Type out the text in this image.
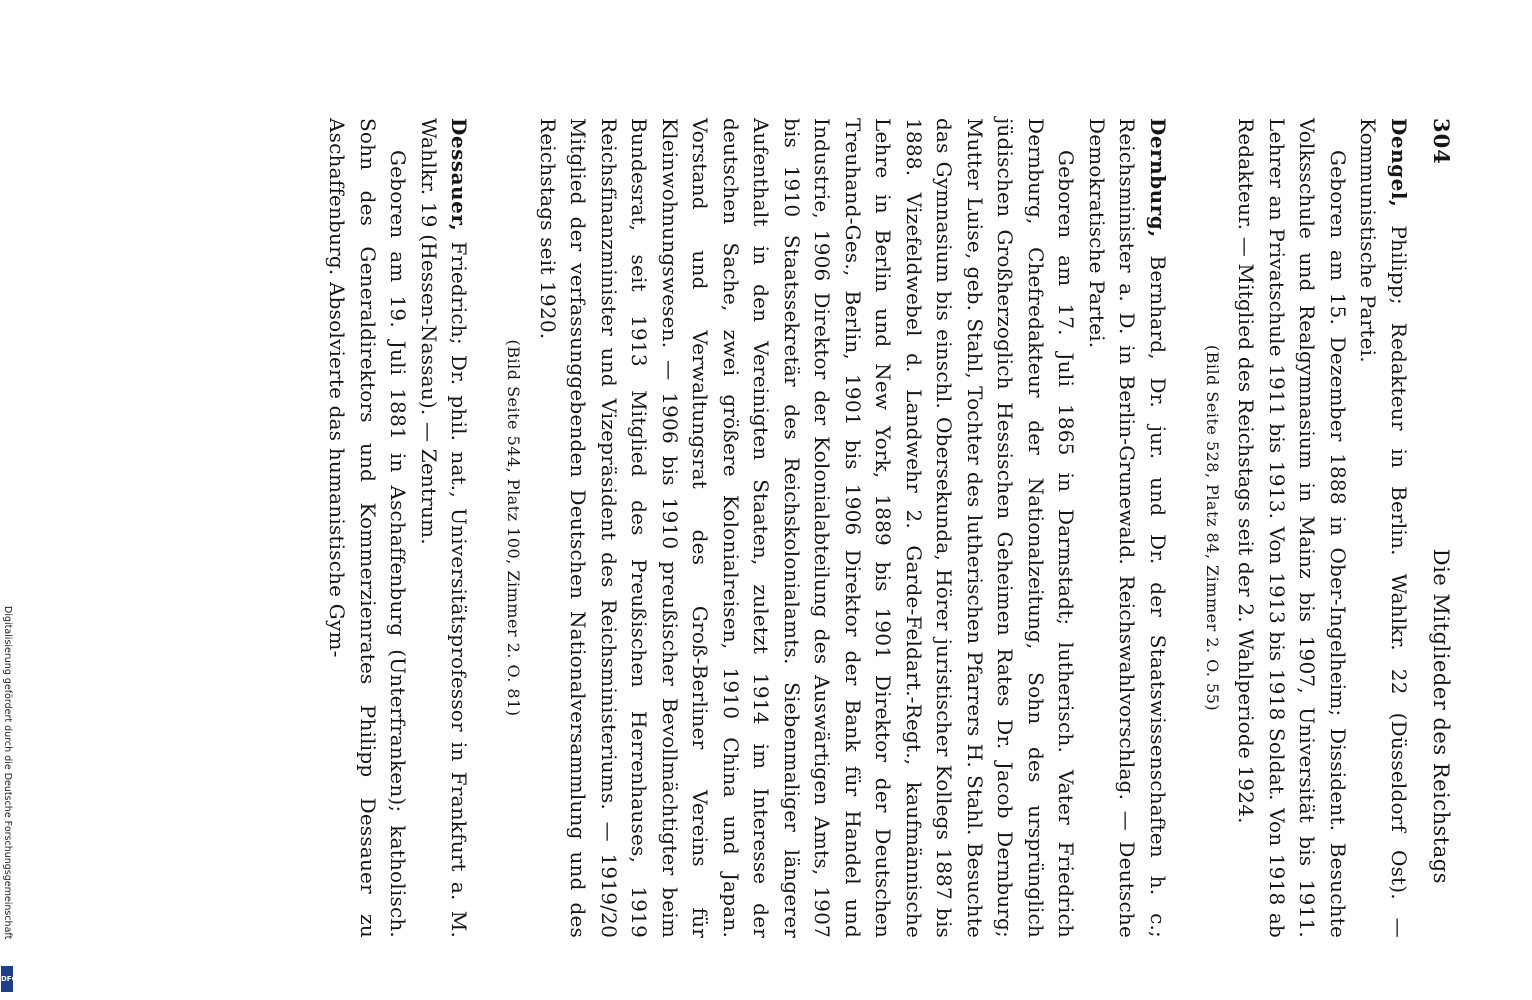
304
Die Mitglieder des Reichstags

Dengel, Philipp; Redakteur in Berlin. Wahlkr. 22 (Düsseldorf Ost). — Kommunistische Partei.

Geboren am 15. Dezember 1888 in Ober-Ingelheim; Dissident. Besuchte Volksschule und Realgymnasium in Mainz bis 1907, Universität bis 1911. Lehrer an Privatschule 1911 bis 1913. Von 1913 bis 1918 Soldat. Von 1918 ab Redakteur. — Mitglied des Reichstags seit der 2. Wahlperiode 1924.

(Bild Seite 528, Platz 84, Zimmer 2. O. 55)

Dernburg, Bernhard, Dr. jur. und Dr. der Staatswissenschaften h. c.; Reichsminister a. D. in Berlin-Grunewald. Reichswahlvorschlag. — Deutsche Demokratische Partei.

Geboren am 17. Juli 1865 in Darmstadt; lutherisch. Vater Friedrich Dernburg, Chefredakteur der Nationalzeitung, Sohn des ursprünglich jüdischen Großherzoglich Hessischen Geheimen Rates Dr. Jacob Dernburg; Mutter Luise, geb. Stahl, Tochter des lutherischen Pfarrers H. Stahl. Besuchte das Gymnasium bis einschl. Obersekunda, Hörer juristischer Kollegs 1887 bis 1888. Vizefeldwebel d. Landwehr 2. Garde-Feldart.-Regt., kaufmännische Lehre in Berlin und New York, 1889 bis 1901 Direktor der Deutschen Treuhand-Ges., Berlin, 1901 bis 1906 Direktor der Bank für Handel und Industrie, 1906 Direktor der Kolonialabteilung des Auswärtigen Amts, 1907 bis 1910 Staatssekretär des Reichskolonialamts. Siebenmaliger längerer Aufenthalt in den Vereinigten Staaten, zuletzt 1914 im Interesse der deutschen Sache, zwei größere Kolonialreisen, 1910 China und Japan. Vorstand und Verwaltungsrat des Groß-Berliner Vereins für Kleinwohnungswesen. — 1906 bis 1910 preußischer Bevollmächtigter beim Bundesrat, seit 1913 Mitglied des Preußischen Herrenhauses, 1919 Reichsfinanzminister und Vizepräsident des Reichsministeriums. — 1919/20 Mitglied der verfassunggebenden Deutschen Nationalversammlung und des Reichstags seit 1920.

(Bild Seite 544, Platz 100, Zimmer 2. O. 81)

Dessauer, Friedrich; Dr. phil. nat., Universitätsprofessor in Frankfurt a. M. Wahlkr. 19 (Hessen-Nassau). — Zentrum.

Geboren am 19. Juli 1881 in Aschaffenburg (Unterfranken); katholisch. Sohn des Generaldirektors und Kommerzienrates Philipp Dessauer zu Aschaffenburg. Absolvierte das humanistische Gym-

Digitalisierung gefördert durch die Deutsche Forschungsgemeinschaft
DFG
